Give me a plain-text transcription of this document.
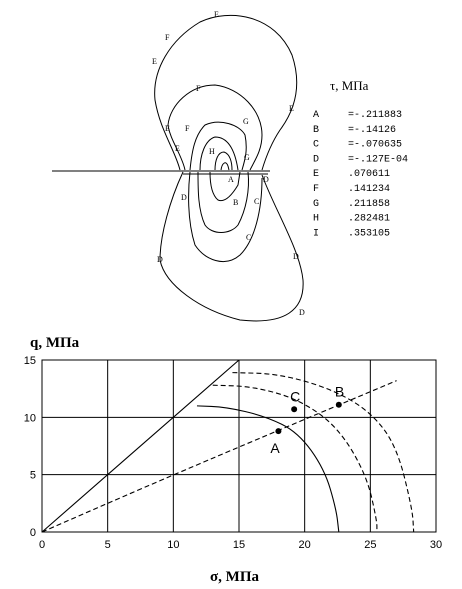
E
F
E
F
E
E F
G
E	H
G
D
A
B
D	C
C
D	D
D
τ, МПа
A	=-.211883
B	=-.14126
C	=-.070635
D	=-.127E-04
E	.070611
F	.141234
G	.211858
H	.282481
I	.353105
A
C B
0	5	10	15	20	25	30
0
5
10
15
q, МПа
σ, МПа
